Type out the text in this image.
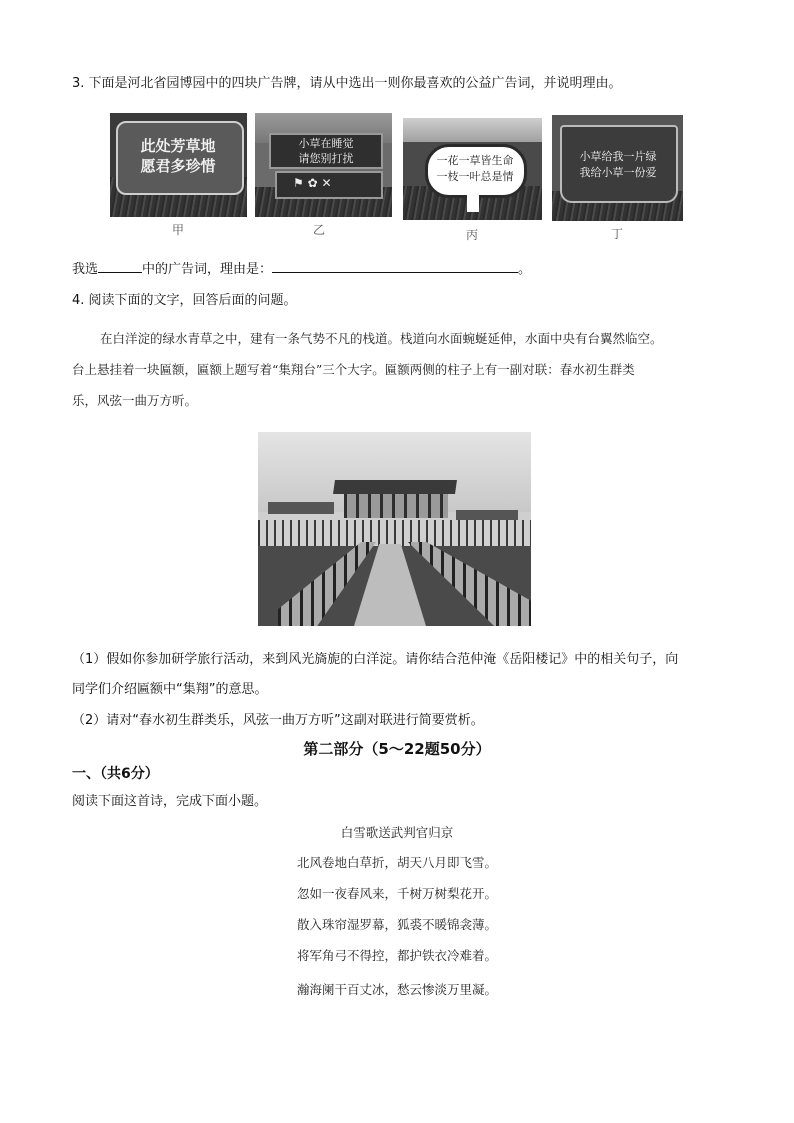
3. 下面是河北省园博园中的四块广告牌，请从中选出一则你最喜欢的公益广告词，并说明理由。
此处芳草地
愿君多珍惜
甲
小草在睡觉
请您别打扰
⚑ ✿ ✕
乙
一花一草皆生命
一枝一叶总是情
丙
小草给我一片绿
我给小草一份爱
丁
我选	中的广告词，理由是：	。
4. 阅读下面的文字，回答后面的问题。
在白洋淀的绿水青草之中，建有一条气势不凡的栈道。栈道向水面蜿蜒延伸，水面中央有台翼然临空。
台上悬挂着一块匾额，匾额上题写着“集翔台”三个大字。匾额两侧的柱子上有一副对联：春水初生群类
乐，风弦一曲万方听。
（1）假如你参加研学旅行活动，来到风光旖旎的白洋淀。请你结合范仲淹《岳阳楼记》中的相关句子，向
同学们介绍匾额中“集翔”的意思。
（2）请对“春水初生群类乐，风弦一曲万方听”这副对联进行简要赏析。
第二部分（5～22题50分）
一、（共6分）
阅读下面这首诗，完成下面小题。
白雪歌送武判官归京
北风卷地白草折，胡天八月即飞雪。
忽如一夜春风来，千树万树梨花开。
散入珠帘湿罗幕，狐裘不暖锦衾薄。
将军角弓不得控，都护铁衣冷难着。
瀚海阑干百丈冰，愁云惨淡万里凝。
